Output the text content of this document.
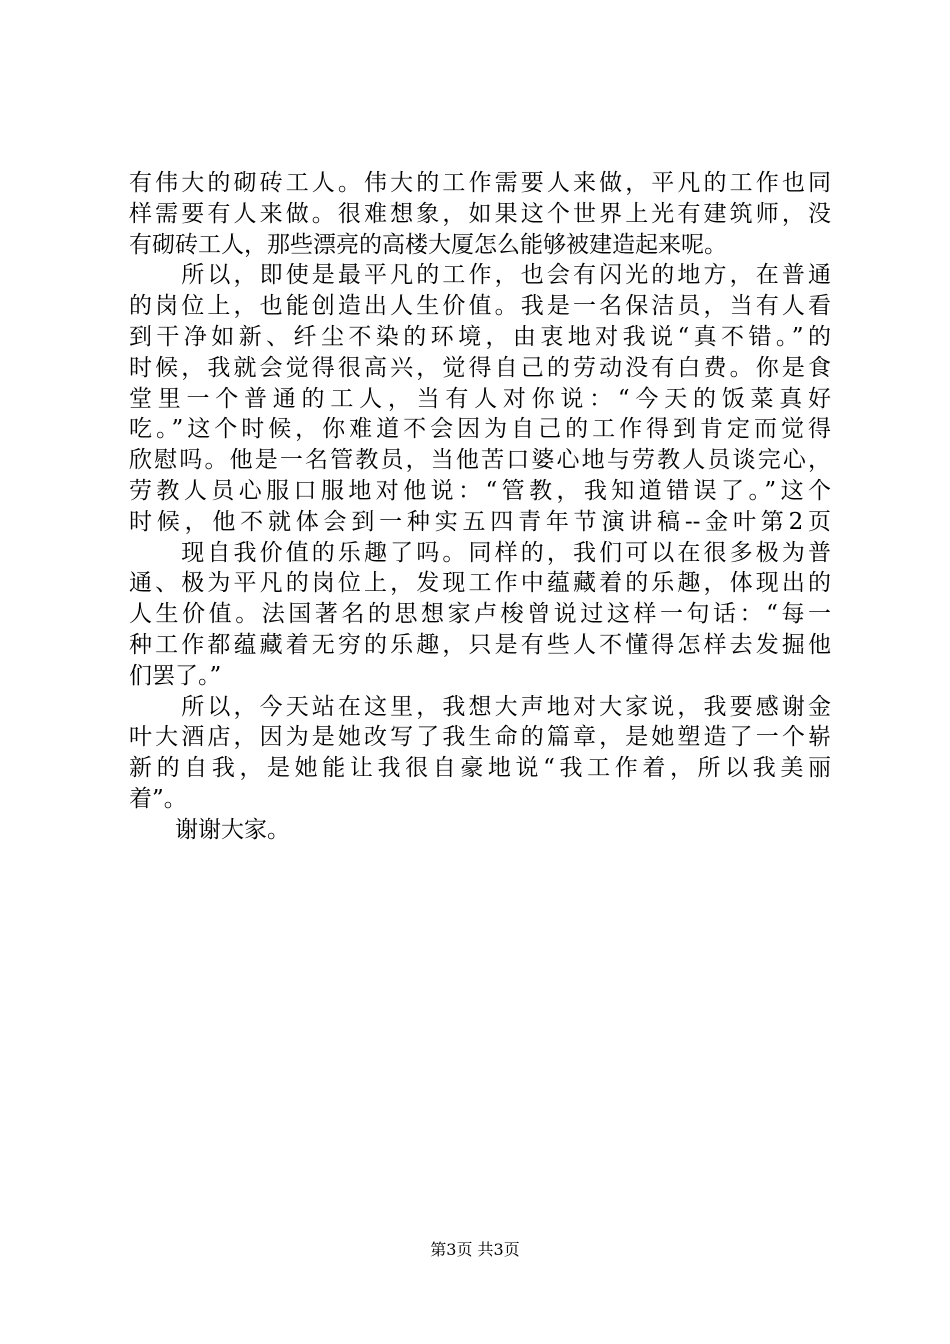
有伟大的砌砖工人。伟大的工作需要人来做，平凡的工作也同
样需要有人来做。很难想象，如果这个世界上光有建筑师，没
有砌砖工人，那些漂亮的高楼大厦怎么能够被建造起来呢。
　　所以，即使是最平凡的工作，也会有闪光的地方，在普通
的岗位上，也能创造出人生价值。我是一名保洁员，当有人看
到干净如新、纤尘不染的环境，由衷地对我说“真不错。”的
时候，我就会觉得很高兴，觉得自己的劳动没有白费。你是食
堂里一个普通的工人，当有人对你说：“今天的饭菜真好
吃。”这个时候，你难道不会因为自己的工作得到肯定而觉得
欣慰吗。他是一名管教员，当他苦口婆心地与劳教人员谈完心，
劳教人员心服口服地对他说：“管教，我知道错误了。”这个
时候，他不就体会到一种实五四青年节演讲稿--金叶第2页
　　现自我价值的乐趣了吗。同样的，我们可以在很多极为普
通、极为平凡的岗位上，发现工作中蕴藏着的乐趣，体现出的
人生价值。法国著名的思想家卢梭曾说过这样一句话：“每一
种工作都蕴藏着无穷的乐趣，只是有些人不懂得怎样去发掘他
们罢了。”
　　所以，今天站在这里，我想大声地对大家说，我要感谢金
叶大酒店，因为是她改写了我生命的篇章，是她塑造了一个崭
新的自我，是她能让我很自豪地说“我工作着，所以我美丽
着”。
　　谢谢大家。
第3页 共3页
